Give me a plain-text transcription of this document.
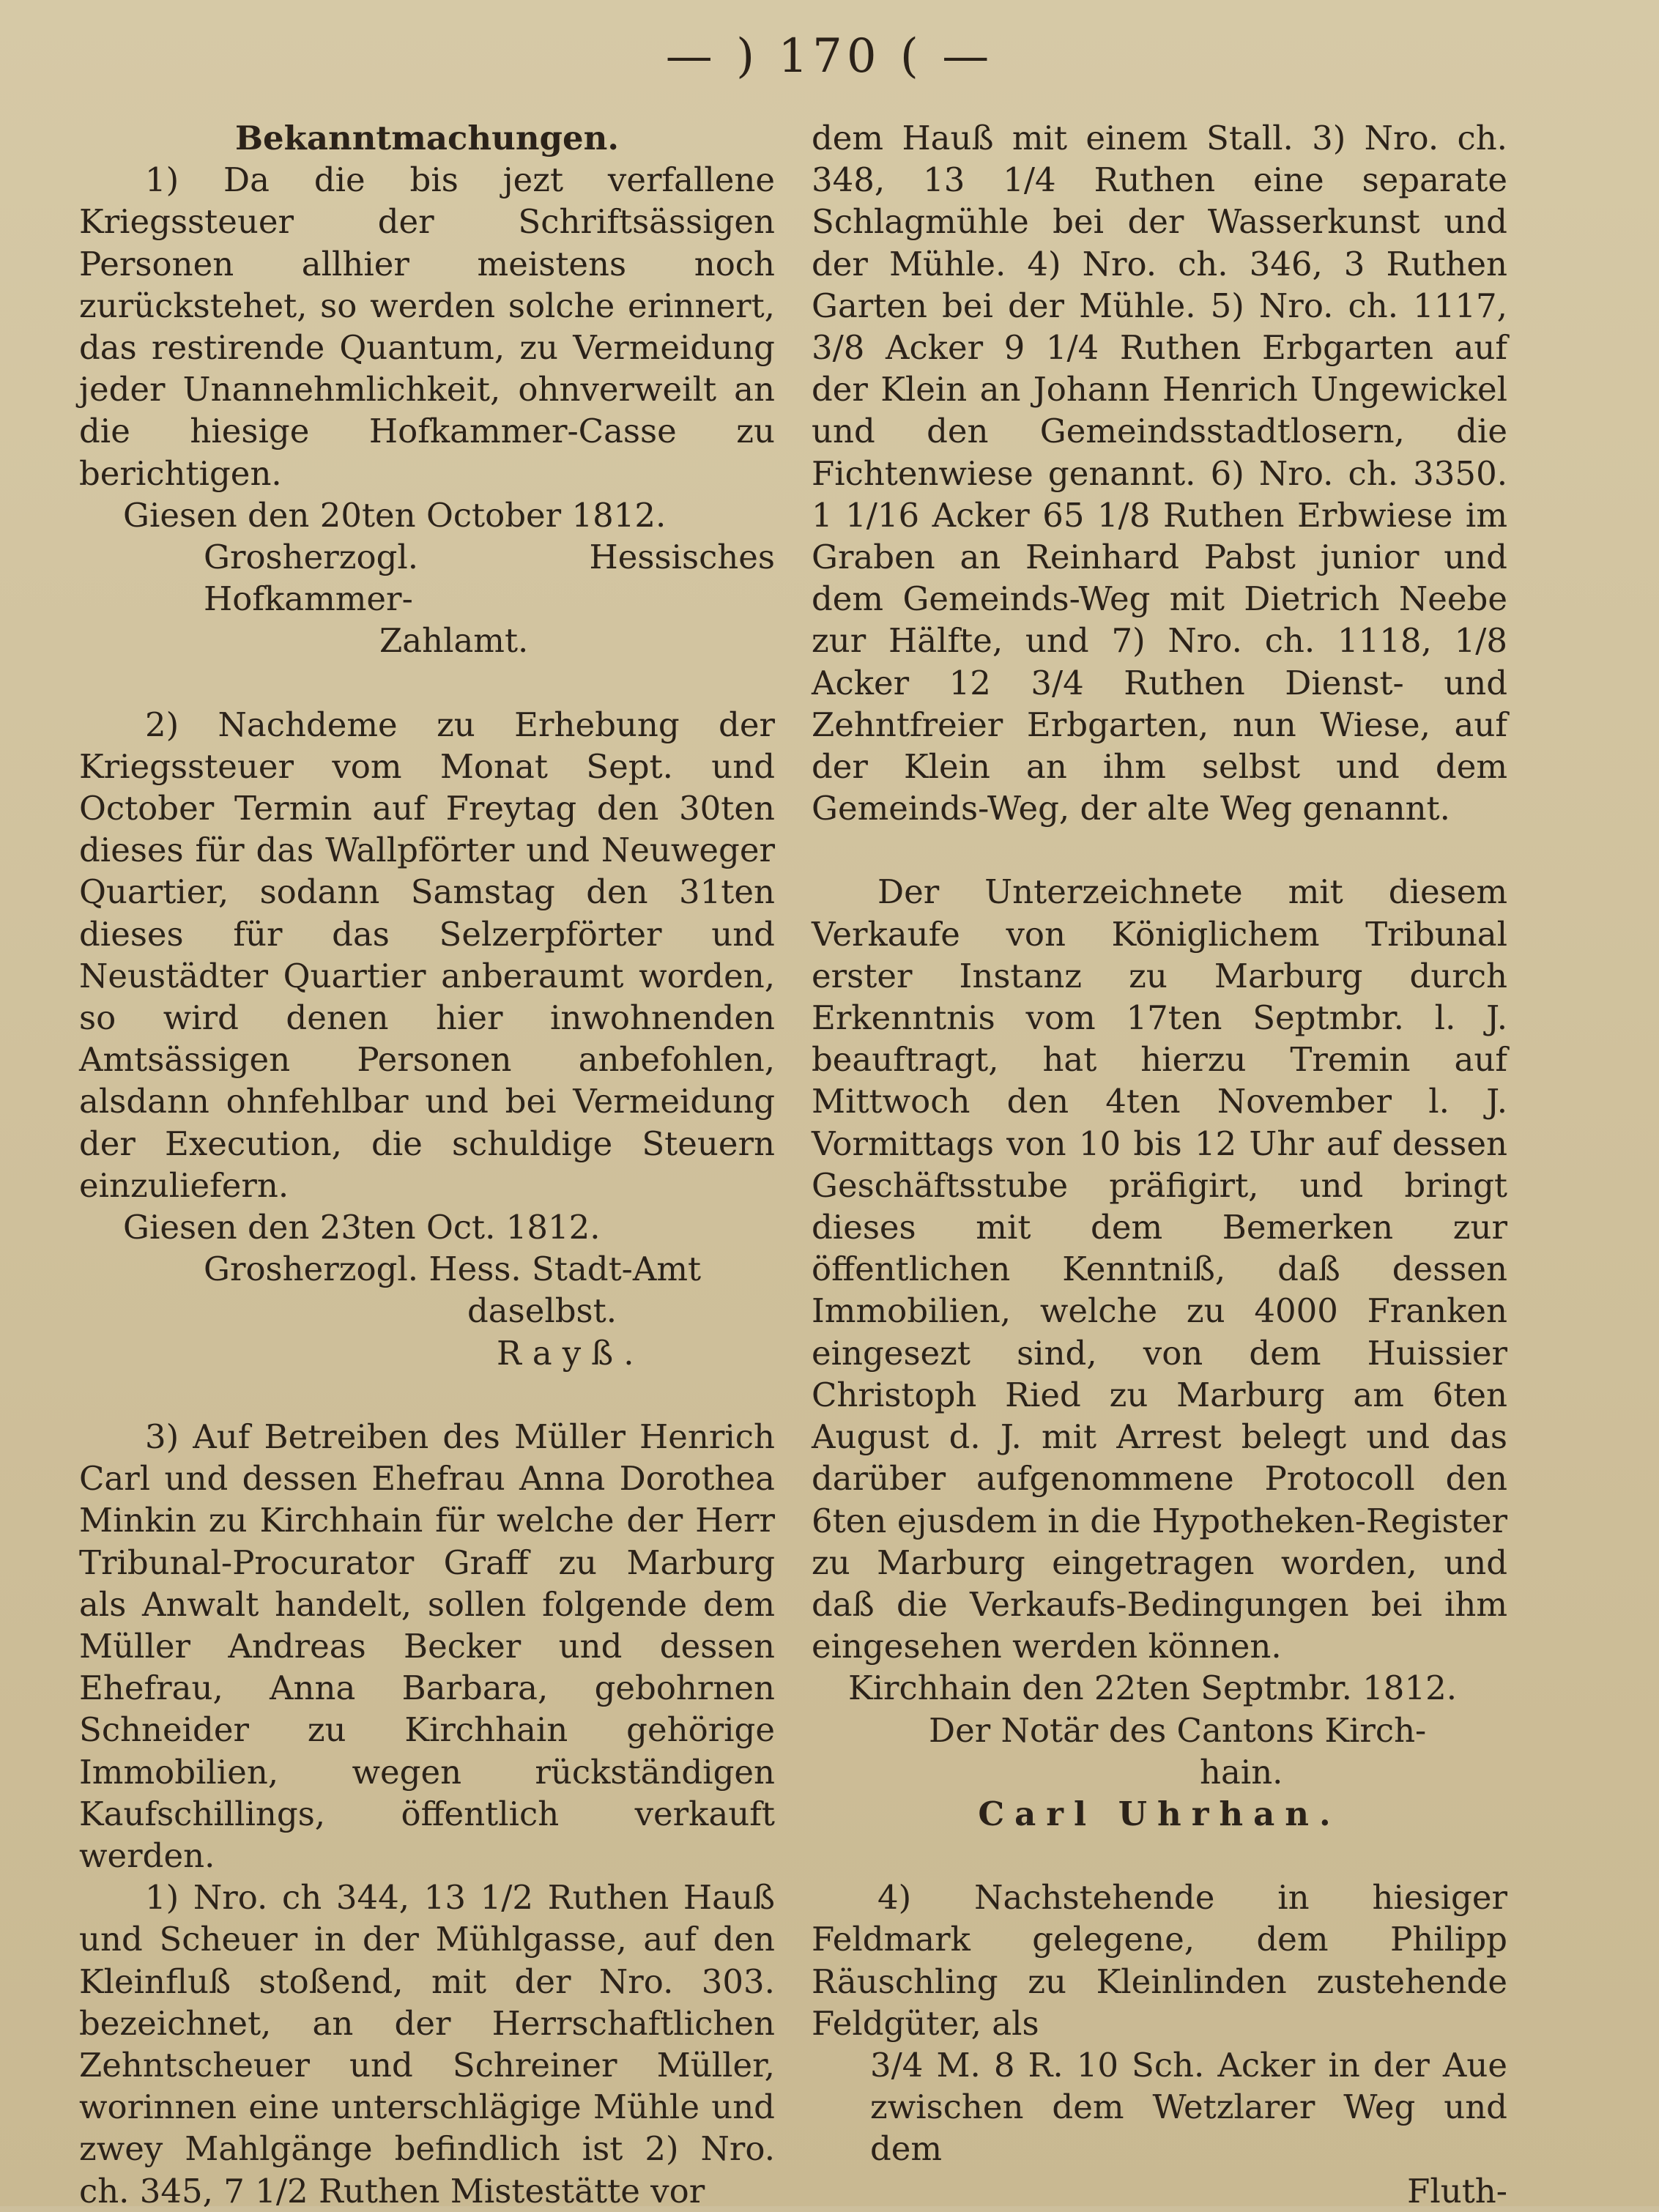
— ) 170 ( —

Bekanntmachungen.

1) Da die bis jezt verfallene Kriegssteuer der Schriftsässigen Personen allhier meistens noch zurückstehet, so werden solche erinnert, das restirende Quantum, zu Vermeidung jeder Unannehmlichkeit, ohnverweilt an die hiesige Hofkammer-Casse zu berichtigen.

Giesen den 20ten October 1812.

Grosherzogl. Hessisches Hofkammer-

Zahlamt.

2) Nachdeme zu Erhebung der Kriegssteuer vom Monat Sept. und October Termin auf Freytag den 30ten dieses für das Wallpförter und Neuweger Quartier, sodann Samstag den 31ten dieses für das Selzerpförter und Neustädter Quartier anberaumt worden, so wird denen hier inwohnenden Amtsässigen Personen anbefohlen, alsdann ohnfehlbar und bei Vermeidung der Execution, die schuldige Steuern einzuliefern.

Giesen den 23ten Oct. 1812.

Grosherzogl. Hess. Stadt-Amt

daselbst.

Rayß.

3) Auf Betreiben des Müller Henrich Carl und dessen Ehefrau Anna Dorothea Minkin zu Kirchhain für welche der Herr Tribunal-Procurator Graff zu Marburg als Anwalt handelt, sollen folgende dem Müller Andreas Becker und dessen Ehefrau, Anna Barbara, gebohrnen Schneider zu Kirchhain gehörige Immobilien, wegen rückständigen Kaufschillings, öffentlich verkauft werden.

1) Nro. ch 344, 13 1/2 Ruthen Hauß und Scheuer in der Mühlgasse, auf den Kleinfluß stoßend, mit der Nro. 303. bezeichnet, an der Herrschaftlichen Zehntscheuer und Schreiner Müller, worinnen eine unterschlägige Mühle und zwey Mahlgänge befindlich ist 2) Nro. ch. 345, 7 1/2 Ruthen Mistestätte vor

dem Hauß mit einem Stall. 3) Nro. ch. 348, 13 1/4 Ruthen eine separate Schlagmühle bei der Wasserkunst und der Mühle. 4) Nro. ch. 346, 3 Ruthen Garten bei der Mühle. 5) Nro. ch. 1117, 3/8 Acker 9 1/4 Ruthen Erbgarten auf der Klein an Johann Henrich Ungewickel und den Gemeindsstadtlosern, die Fichtenwiese genannt. 6) Nro. ch. 3350. 1 1/16 Acker 65 1/8 Ruthen Erbwiese im Graben an Reinhard Pabst junior und dem Gemeinds-Weg mit Dietrich Neebe zur Hälfte, und 7) Nro. ch. 1118, 1/8 Acker 12 3/4 Ruthen Dienst- und Zehntfreier Erbgarten, nun Wiese, auf der Klein an ihm selbst und dem Gemeinds-Weg, der alte Weg genannt.

Der Unterzeichnete mit diesem Verkaufe von Königlichem Tribunal erster Instanz zu Marburg durch Erkenntnis vom 17ten Septmbr. l. J. beauftragt, hat hierzu Tremin auf Mittwoch den 4ten November l. J. Vormittags von 10 bis 12 Uhr auf dessen Geschäftsstube präfigirt, und bringt dieses mit dem Bemerken zur öffentlichen Kenntniß, daß dessen Immobilien, welche zu 4000 Franken eingesezt sind, von dem Huissier Christoph Ried zu Marburg am 6ten August d. J. mit Arrest belegt und das darüber aufgenommene Protocoll den 6ten ejusdem in die Hypotheken-Register zu Marburg eingetragen worden, und daß die Verkaufs-Bedingungen bei ihm eingesehen werden können.

Kirchhain den 22ten Septmbr. 1812.

Der Notär des Cantons Kirch-

hain.

Carl Uhrhan.

4) Nachstehende in hiesiger Feldmark gelegene, dem Philipp Räuschling zu Kleinlinden zustehende Feldgüter, als

3/4 M. 8 R. 10 Sch. Acker in der Aue zwischen dem Wetzlarer Weg und dem

Fluth-
